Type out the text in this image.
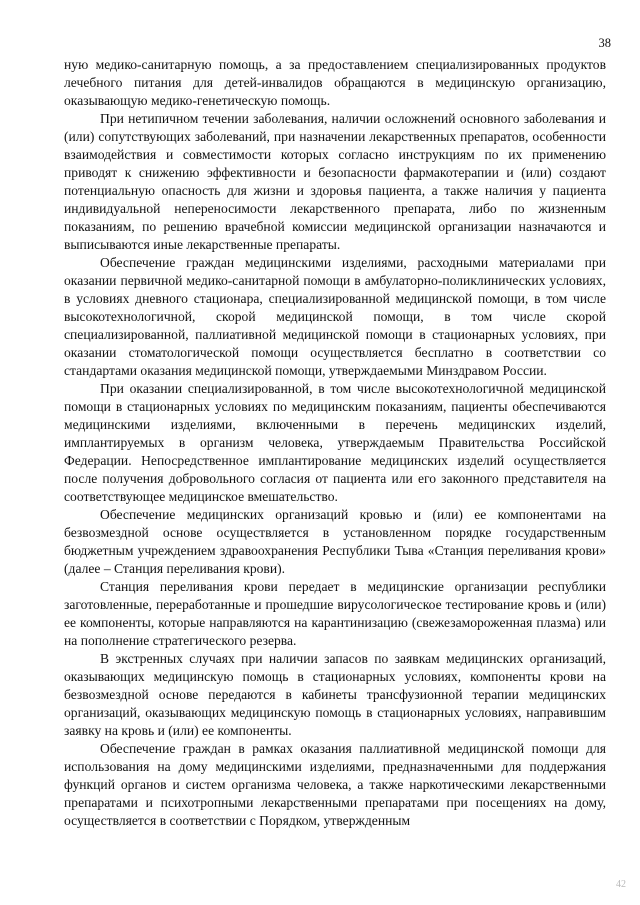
38

ную медико-санитарную помощь, а за предоставлением специализированных продуктов лечебного питания для детей-инвалидов обращаются в медицинскую организацию, оказывающую медико-генетическую помощь.

При нетипичном течении заболевания, наличии осложнений основного заболевания и (или) сопутствующих заболеваний, при назначении лекарственных препаратов, особенности взаимодействия и совместимости которых согласно инструкциям по их применению приводят к снижению эффективности и безопасности фармакотерапии и (или) создают потенциальную опасность для жизни и здоровья пациента, а также наличия у пациента индивидуальной непереносимости лекарственного препарата, либо по жизненным показаниям, по решению врачебной комиссии медицинской организации назначаются и выписываются иные лекарственные препараты.

Обеспечение граждан медицинскими изделиями, расходными материалами при оказании первичной медико-санитарной помощи в амбулаторно-поликлинических условиях, в условиях дневного стационара, специализированной медицинской помощи, в том числе высокотехнологичной, скорой медицинской помощи, в том числе скорой специализированной, паллиативной медицинской помощи в стационарных условиях, при оказании стоматологической помощи осуществляется бесплатно в соответствии со стандартами оказания медицинской помощи, утверждаемыми Минздравом России.

При оказании специализированной, в том числе высокотехнологичной медицинской помощи в стационарных условиях по медицинским показаниям, пациенты обеспечиваются медицинскими изделиями, включенными в перечень медицинских изделий, имплантируемых в организм человека, утверждаемым Правительства Российской Федерации. Непосредственное имплантирование медицинских изделий осуществляется после получения добровольного согласия от пациента или его законного представителя на соответствующее медицинское вмешательство.

Обеспечение медицинских организаций кровью и (или) ее компонентами на безвозмездной основе осуществляется в установленном порядке государственным бюджетным учреждением здравоохранения Республики Тыва «Станция переливания крови» (далее – Станция переливания крови).

Станция переливания крови передает в медицинские организации республики заготовленные, переработанные и прошедшие вирусологическое тестирование кровь и (или) ее компоненты, которые направляются на карантинизацию (свежезамороженная плазма) или на пополнение стратегического резерва.

В экстренных случаях при наличии запасов по заявкам медицинских организаций, оказывающих медицинскую помощь в стационарных условиях, компоненты крови на безвозмездной основе передаются в кабинеты трансфузионной терапии медицинских организаций, оказывающих медицинскую помощь в стационарных условиях, направившим заявку на кровь и (или) ее компоненты.

Обеспечение граждан в рамках оказания паллиативной медицинской помощи для использования на дому медицинскими изделиями, предназначенными для поддержания функций органов и систем организма человека, а также наркотическими лекарственными препаратами и психотропными лекарственными препаратами при посещениях на дому, осуществляется в соответствии с Порядком, утвержденным

42
